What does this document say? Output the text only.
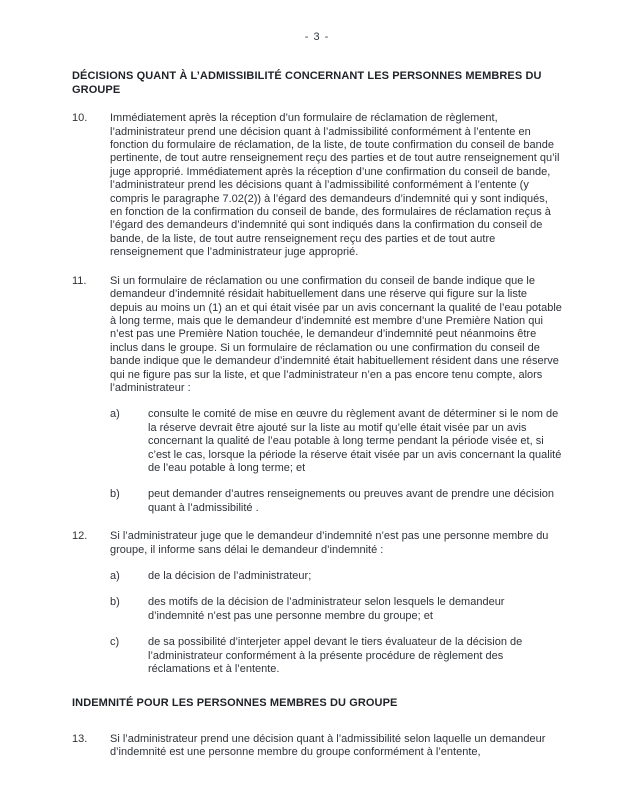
- 3 -
DÉCISIONS QUANT À L’ADMISSIBILITÉ CONCERNANT LES PERSONNES MEMBRES DU GROUPE
10.	Immédiatement après la réception d’un formulaire de réclamation de règlement, l’administrateur prend une décision quant à l’admissibilité conformément à l’entente en fonction du formulaire de réclamation, de la liste, de toute confirmation du conseil de bande pertinente, de tout autre renseignement reçu des parties et de tout autre renseignement qu’il juge approprié. Immédiatement après la réception d’une confirmation du conseil de bande, l’administrateur prend les décisions quant à l’admissibilité conformément à l’entente (y compris le paragraphe 7.02(2)) à l’égard des demandeurs d’indemnité qui y sont indiqués, en fonction de la confirmation du conseil de bande, des formulaires de réclamation reçus à l’égard des demandeurs d’indemnité qui sont indiqués dans la confirmation du conseil de bande, de la liste, de tout autre renseignement reçu des parties et de tout autre renseignement que l’administrateur juge approprié.
11.	Si un formulaire de réclamation ou une confirmation du conseil de bande indique que le demandeur d’indemnité résidait habituellement dans une réserve qui figure sur la liste depuis au moins un (1) an et qui était visée par un avis concernant la qualité de l’eau potable à long terme, mais que le demandeur d’indemnité est membre d’une Première Nation qui n’est pas une Première Nation touchée, le demandeur d’indemnité peut néanmoins être inclus dans le groupe. Si un formulaire de réclamation ou une confirmation du conseil de bande indique que le demandeur d’indemnité était habituellement résident dans une réserve qui ne figure pas sur la liste, et que l’administrateur n’en a pas encore tenu compte, alors l’administrateur :
a)	consulte le comité de mise en œuvre du règlement avant de déterminer si le nom de la réserve devrait être ajouté sur la liste au motif qu’elle était visée par un avis concernant la qualité de l’eau potable à long terme pendant la période visée et, si c’est le cas, lorsque la période la réserve était visée par un avis concernant la qualité de l’eau potable à long terme; et
b)	peut demander d’autres renseignements ou preuves avant de prendre une décision quant à l’admissibilité .
12.	Si l’administrateur juge que le demandeur d’indemnité n’est pas une personne membre du groupe, il informe sans délai le demandeur d’indemnité :
a)	de la décision de l’administrateur;
b)	des motifs de la décision de l’administrateur selon lesquels le demandeur d’indemnité n’est pas une personne membre du groupe; et
c)	de sa possibilité d’interjeter appel devant le tiers évaluateur de la décision de l’administrateur conformément à la présente procédure de règlement des réclamations et à l’entente.
INDEMNITÉ POUR LES PERSONNES MEMBRES DU GROUPE
13.	Si l’administrateur prend une décision quant à l’admissibilité selon laquelle un demandeur d’indemnité est une personne membre du groupe conformément à l’entente,
